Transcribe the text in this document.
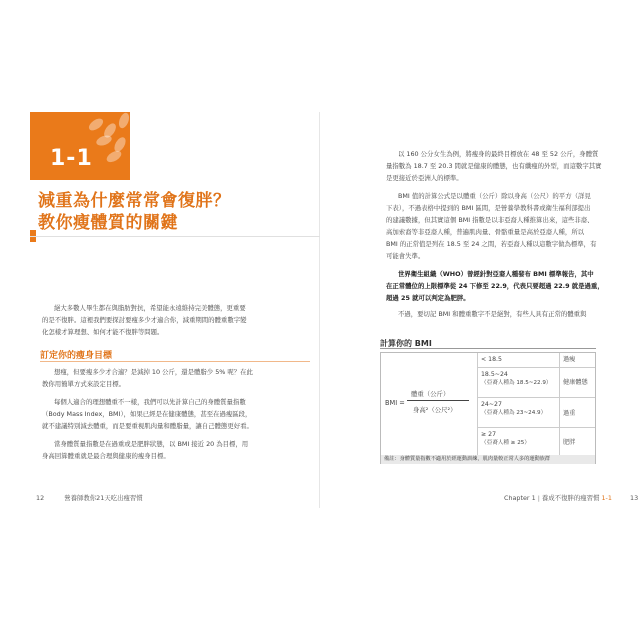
1-1
減重為什麼常常會復胖？
教你瘦體質的關鍵
絕大多數人畢生都在與脂肪對抗，希望能永遠維持完美體態，更重要
的是不復胖。這裡我們要探討要瘦多少才適合你，減重期間的體重數字變
化怎樣才算理想、如何才能不復胖等問題。
訂定你的瘦身目標
想瘦，但要瘦多少才合適？是減掉 10 公斤，還是體脂少 5% 呢？在此
教你用簡單方式來設定目標。
每個人適合的理想體重不一樣，我們可以先計算自己的身體質量指數
（Body Mass Index，BMI），如果已經是在健康體態，甚至在過瘦區段，
就不建議特別減去體重，而是要重視肌肉量和體脂量，讓自己體態更好看。
當身體質量指數是在過重或是肥胖狀態，以 BMI 接近 20 為目標，用
身高回算體重就是最合理與健康的瘦身目標。
12	營養師教你21天吃出瘦習慣
以 160 公分女生為例，將瘦身的最終目標放在 48 至 52 公斤，身體質
量指數為 18.7 至 20.3 間就是健康的體態，也有纖瘦的外型，而這數字其實
是更接近於亞洲人的標準。
BMI 值的計算公式是以體重（公斤）除以身高（公尺）的平方（詳見
下表），不過表格中提到的 BMI 區間，是營養學教科書或衛生福利部提出
的建議數據，但其實這個 BMI 指數是以非亞裔人種推算出來，這些非裔、
高加索裔等非亞裔人種，普遍肌肉量、骨骼重量是高於亞裔人種，所以
BMI 的正常值是列在 18.5 至 24 之間，若亞裔人種以這數字做為標準，有
可能會失準。
世界衛生組織（WHO）曾經針對亞裔人種發布 BMI 標準報告，其中
在正常體位的上限標準從 24 下修至 22.9，代表只要超過 22.9 就是過重，
超過 25 就可以判定為肥胖。
不過，要切記 BMI 和體重數字不是絕對，有些人具有正常的體重與
計算你的 BMI
BMI =
體重（公斤）
身高²（公尺²）
< 18.5	過瘦
18.5~24
（亞裔人種為 18.5~22.9）	健康體態
24~27
（亞裔人種為 23~24.9）	過重
≥ 27
（亞裔人種 ≥ 25）	肥胖
備註：身體質量指數不適用於經運動訓練，肌肉量較正常人多的運動族群
Chapter 1 | 養成不復胖的瘦習慣 1-1	13
